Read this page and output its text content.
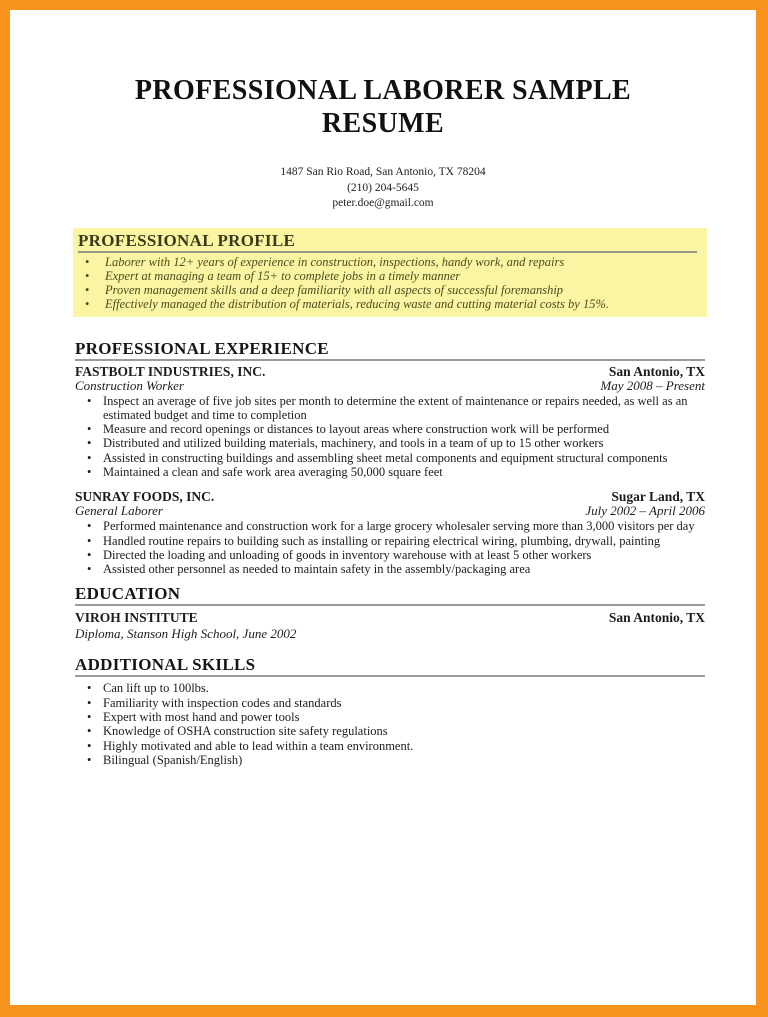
PROFESSIONAL LABORER SAMPLE
RESUME
1487 San Rio Road, San Antonio, TX 78204
(210) 204-5645
peter.doe@gmail.com
PROFESSIONAL PROFILE
• Laborer with 12+ years of experience in construction, inspections, handy work, and repairs
• Expert at managing a team of 15+ to complete jobs in a timely manner
• Proven management skills and a deep familiarity with all aspects of successful foremanship
• Effectively managed the distribution of materials, reducing waste and cutting material costs by 15%.
PROFESSIONAL EXPERIENCE
FASTBOLT INDUSTRIES, INC.	San Antonio, TX
Construction Worker	May 2008 – Present
• Inspect an average of five job sites per month to determine the extent of maintenance or repairs needed, as well as an estimated budget and time to completion
• Measure and record openings or distances to layout areas where construction work will be performed
• Distributed and utilized building materials, machinery, and tools in a team of up to 15 other workers
• Assisted in constructing buildings and assembling sheet metal components and equipment structural components
• Maintained a clean and safe work area averaging 50,000 square feet
SUNRAY FOODS, INC.	Sugar Land, TX
General Laborer	July 2002 – April 2006
• Performed maintenance and construction work for a large grocery wholesaler serving more than 3,000 visitors per day
• Handled routine repairs to building such as installing or repairing electrical wiring, plumbing, drywall, painting
• Directed the loading and unloading of goods in inventory warehouse with at least 5 other workers
• Assisted other personnel as needed to maintain safety in the assembly/packaging area
EDUCATION
VIROH INSTITUTE	San Antonio, TX
Diploma, Stanson High School, June 2002
ADDITIONAL SKILLS
• Can lift up to 100lbs.
• Familiarity with inspection codes and standards
• Expert with most hand and power tools
• Knowledge of OSHA construction site safety regulations
• Highly motivated and able to lead within a team environment.
• Bilingual (Spanish/English)
